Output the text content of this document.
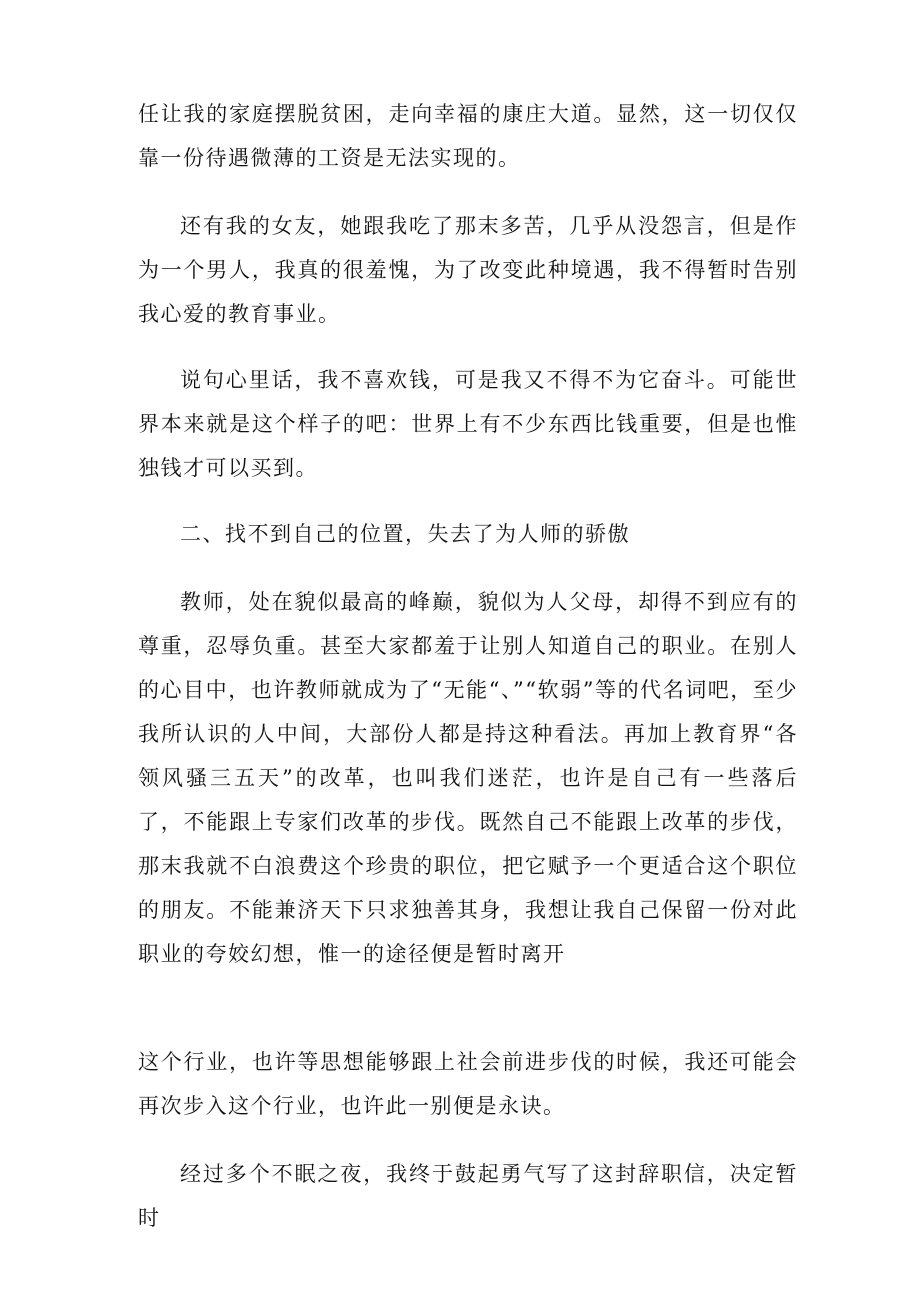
任让我的家庭摆脱贫困，走向幸福的康庄大道。显然，这一切仅仅靠一份待遇微薄的工资是无法实现的。

还有我的女友，她跟我吃了那末多苦，几乎从没怨言，但是作为一个男人，我真的很羞愧，为了改变此种境遇，我不得暂时告别我心爱的教育事业。

说句心里话，我不喜欢钱，可是我又不得不为它奋斗。可能世界本来就是这个样子的吧：世界上有不少东西比钱重要，但是也惟独钱才可以买到。

二、找不到自己的位置，失去了为人师的骄傲

教师，处在貌似最高的峰巅，貌似为人父母，却得不到应有的尊重，忍辱负重。甚至大家都羞于让别人知道自己的职业。在别人的心目中，也许教师就成为了“无能“、”“软弱”等的代名词吧，至少我所认识的人中间，大部份人都是持这种看法。再加上教育界“各领风骚三五天”的改革，也叫我们迷茫，也许是自己有一些落后了，不能跟上专家们改革的步伐。既然自己不能跟上改革的步伐，那末我就不白浪费这个珍贵的职位，把它赋予一个更适合这个职位的朋友。不能兼济天下只求独善其身，我想让我自己保留一份对此职业的夸姣幻想，惟一的途径便是暂时离开

这个行业，也许等思想能够跟上社会前进步伐的时候，我还可能会再次步入这个行业，也许此一别便是永诀。

经过多个不眠之夜，我终于鼓起勇气写了这封辞职信，决定暂时
